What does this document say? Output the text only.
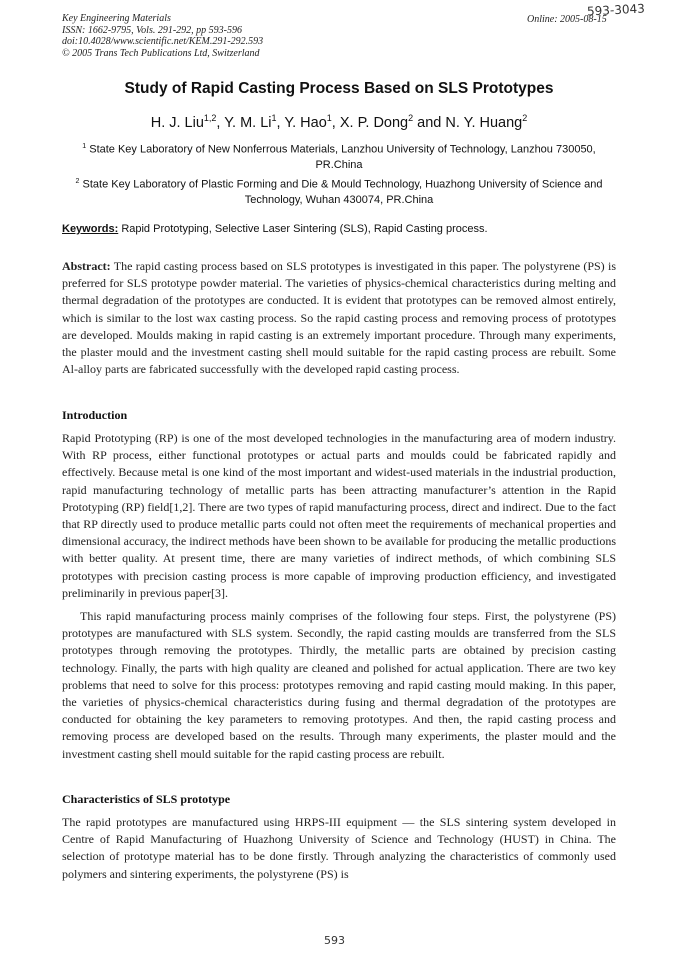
Key Engineering Materials
ISSN: 1662-9795, Vols. 291-292, pp 593-596
doi:10.4028/www.scientific.net/KEM.291-292.593
© 2005 Trans Tech Publications Ltd, Switzerland
Online: 2005-08-15
593-3043
Study of Rapid Casting Process Based on SLS Prototypes
H. J. Liu$^{1,2}$, Y. M. Li$^1$, Y. Hao$^1$, X. P. Dong$^2$ and N. Y. Huang$^2$
$^1$ State Key Laboratory of New Nonferrous Materials, Lanzhou University of Technology, Lanzhou 730050, PR.China
$^2$ State Key Laboratory of Plastic Forming and Die & Mould Technology, Huazhong University of Science and Technology, Wuhan 430074, PR.China
Keywords: Rapid Prototyping, Selective Laser Sintering (SLS), Rapid Casting process.

Abstract: The rapid casting process based on SLS prototypes is investigated in this paper. The polystyrene (PS) is preferred for SLS prototype powder material. The varieties of physics-chemical characteristics during melting and thermal degradation of the prototypes are conducted. It is evident that prototypes can be removed almost entirely, which is similar to the lost wax casting process. So the rapid casting process and removing process of prototypes are developed. Moulds making in rapid casting is an extremely important procedure. Through many experiments, the plaster mould and the investment casting shell mould suitable for the rapid casting process are rebuilt. Some Al-alloy parts are fabricated successfully with the developed rapid casting process.

Introduction

Rapid Prototyping (RP) is one of the most developed technologies in the manufacturing area of modern industry. With RP process, either functional prototypes or actual parts and moulds could be fabricated rapidly and effectively. Because metal is one kind of the most important and widest-used materials in the industrial production, rapid manufacturing technology of metallic parts has been attracting manufacturer’s attention in the Rapid Prototyping (RP) field[1,2]. There are two types of rapid manufacturing process, direct and indirect. Due to the fact that RP directly used to produce metallic parts could not often meet the requirements of mechanical properties and dimensional accuracy, the indirect methods have been shown to be available for producing the metallic productions with better quality. At present time, there are many varieties of indirect methods, of which combining SLS prototypes with precision casting process is more capable of improving production efficiency, and investigated preliminarily in previous paper[3].

This rapid manufacturing process mainly comprises of the following four steps. First, the polystyrene (PS) prototypes are manufactured with SLS system. Secondly, the rapid casting moulds are transferred from the SLS prototypes through removing the prototypes. Thirdly, the metallic parts are obtained by precision casting technology. Finally, the parts with high quality are cleaned and polished for actual application. There are two key problems that need to solve for this process: prototypes removing and rapid casting mould making. In this paper, the varieties of physics-chemical characteristics during fusing and thermal degradation of the prototypes are conducted for obtaining the key parameters to removing prototypes. And then, the rapid casting process and removing process are developed based on the results. Through many experiments, the plaster mould and the investment casting shell mould suitable for the rapid casting process are rebuilt.

Characteristics of SLS prototype

The rapid prototypes are manufactured using HRPS-III equipment — the SLS sintering system developed in Centre of Rapid Manufacturing of Huazhong University of Science and Technology (HUST) in China. The selection of prototype material has to be done firstly. Through analyzing the characteristics of commonly used polymers and sintering experiments, the polystyrene (PS) is

593
